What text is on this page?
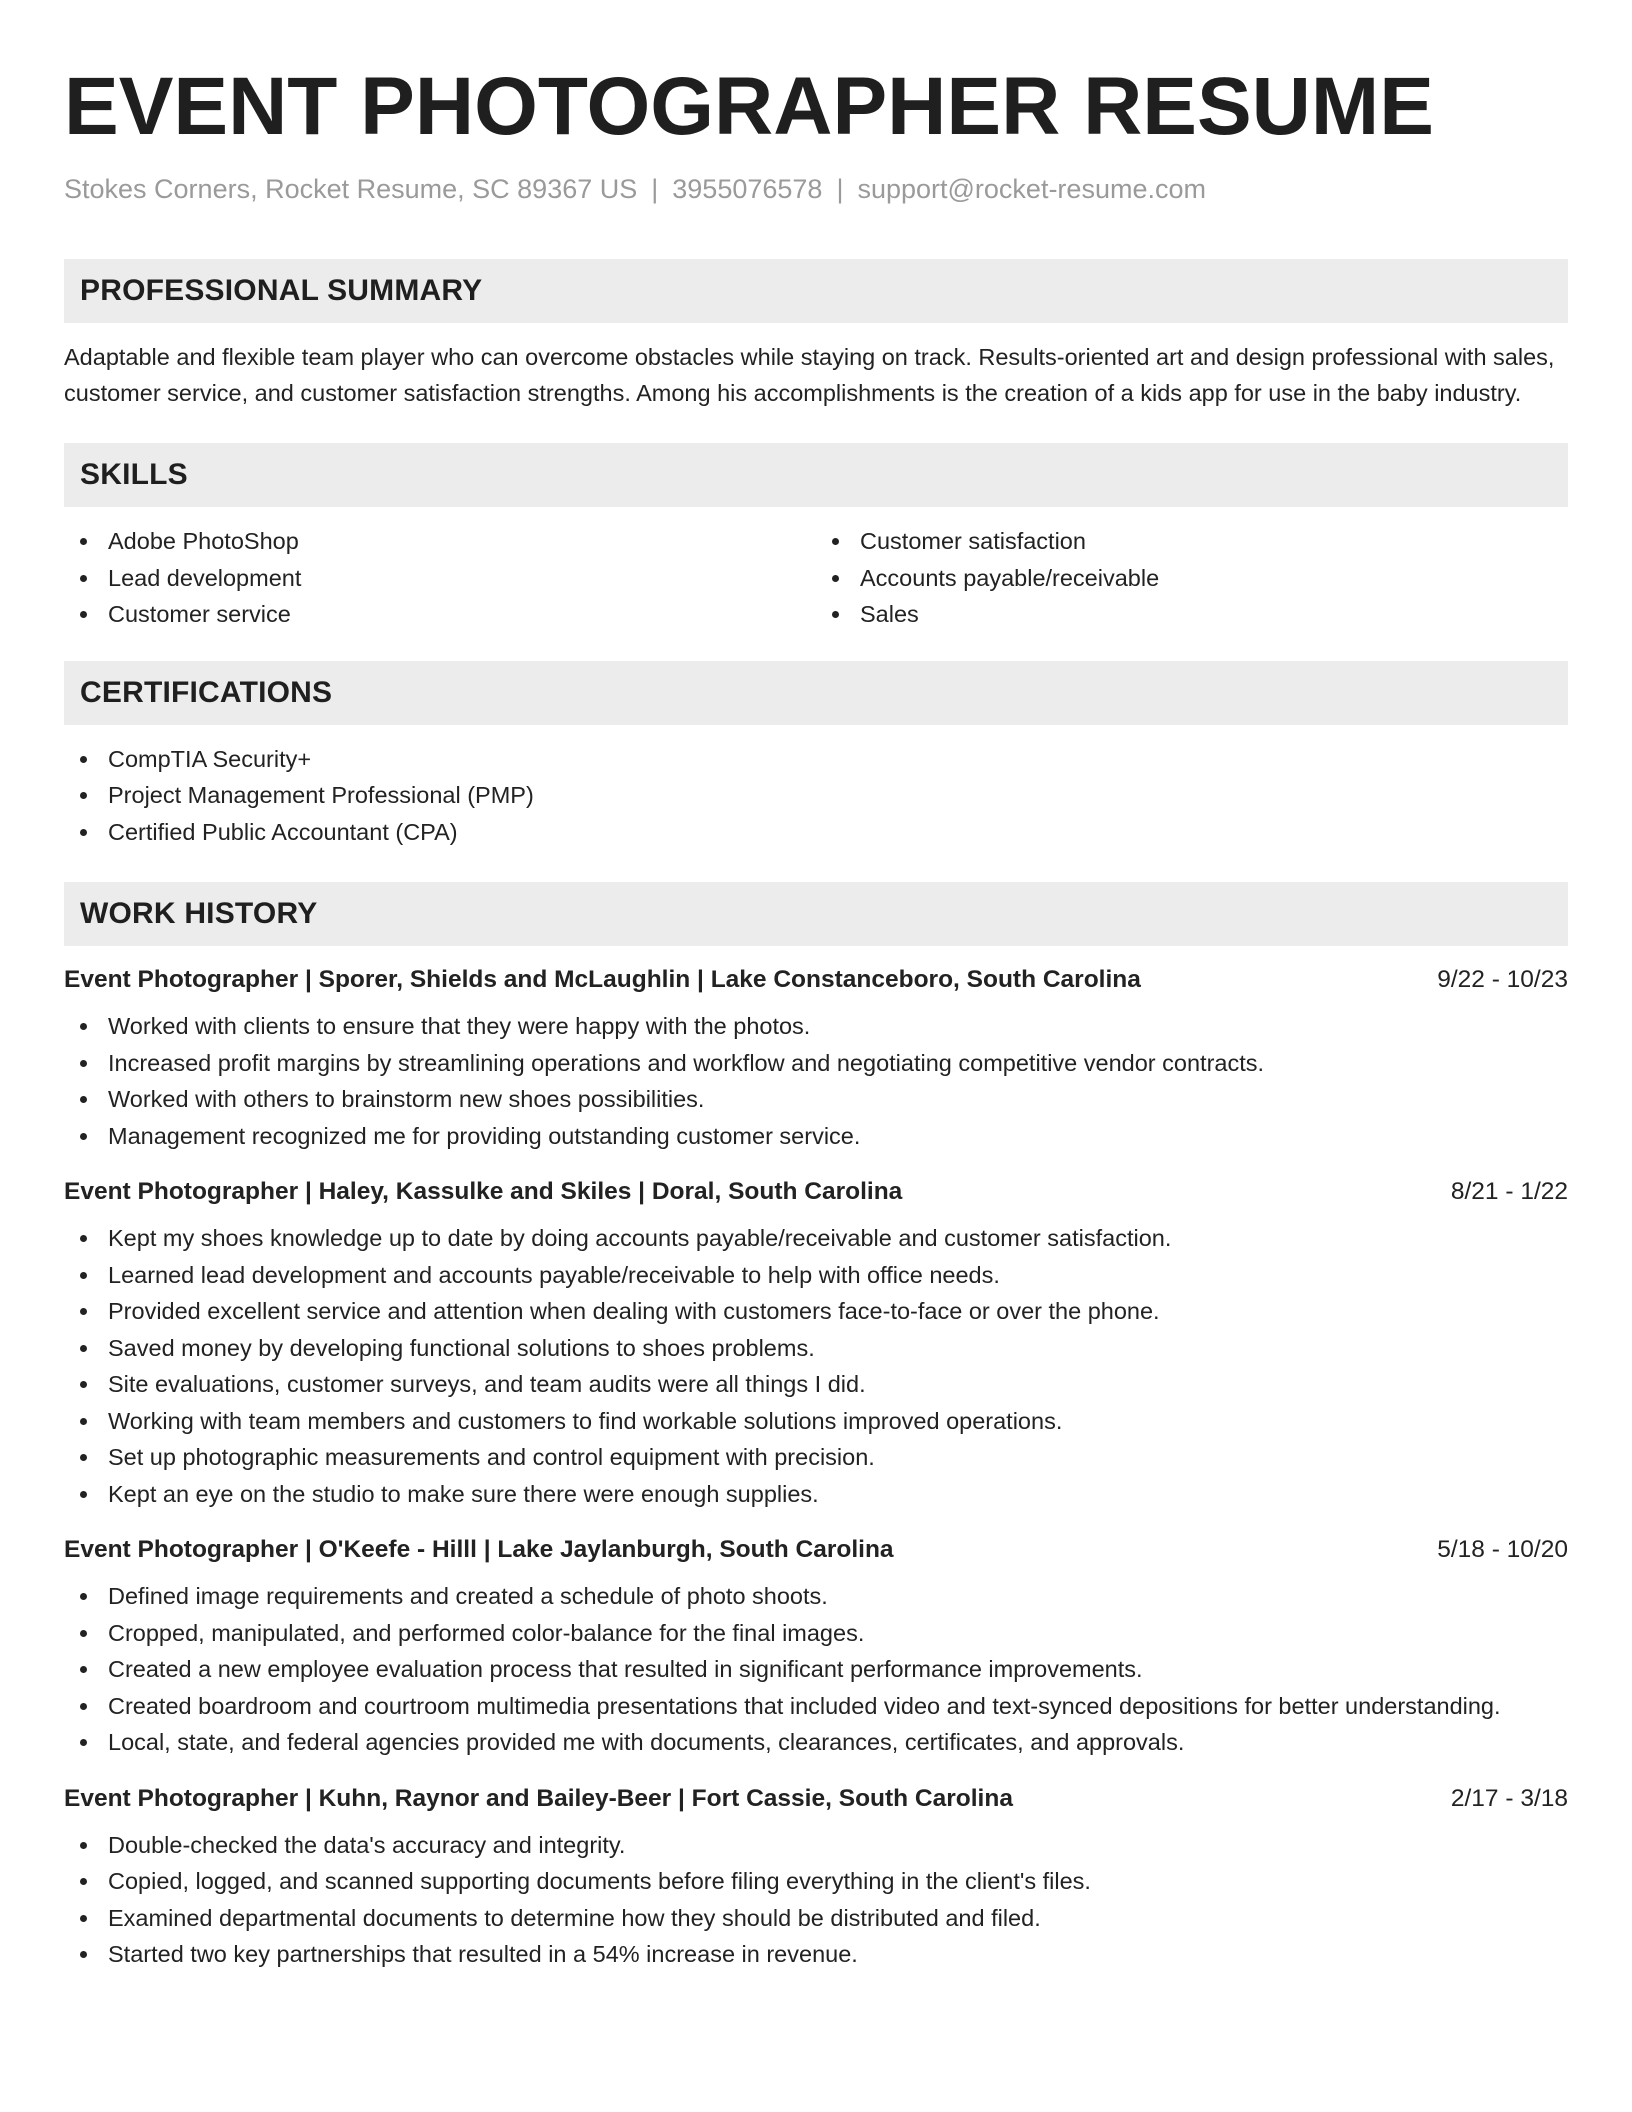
EVENT PHOTOGRAPHER RESUME
Stokes Corners, Rocket Resume, SC 89367 US | 3955076578 | support@rocket-resume.com
PROFESSIONAL SUMMARY

Adaptable and flexible team player who can overcome obstacles while staying on track. Results-oriented art and design professional with sales, customer service, and customer satisfaction strengths. Among his accomplishments is the creation of a kids app for use in the baby industry.

SKILLS
Adobe PhotoShop
Lead development
Customer service
Customer satisfaction
Accounts payable/receivable
Sales
CERTIFICATIONS
CompTIA Security+
Project Management Professional (PMP)
Certified Public Accountant (CPA)
WORK HISTORY
Event Photographer | Sporer, Shields and McLaughlin | Lake Constanceboro, South Carolina	9/22 - 10/23
Worked with clients to ensure that they were happy with the photos.
Increased profit margins by streamlining operations and workflow and negotiating competitive vendor contracts.
Worked with others to brainstorm new shoes possibilities.
Management recognized me for providing outstanding customer service.
Event Photographer | Haley, Kassulke and Skiles | Doral, South Carolina	8/21 - 1/22
Kept my shoes knowledge up to date by doing accounts payable/receivable and customer satisfaction.
Learned lead development and accounts payable/receivable to help with office needs.
Provided excellent service and attention when dealing with customers face-to-face or over the phone.
Saved money by developing functional solutions to shoes problems.
Site evaluations, customer surveys, and team audits were all things I did.
Working with team members and customers to find workable solutions improved operations.
Set up photographic measurements and control equipment with precision.
Kept an eye on the studio to make sure there were enough supplies.
Event Photographer | O'Keefe - Hilll | Lake Jaylanburgh, South Carolina	5/18 - 10/20
Defined image requirements and created a schedule of photo shoots.
Cropped, manipulated, and performed color-balance for the final images.
Created a new employee evaluation process that resulted in significant performance improvements.
Created boardroom and courtroom multimedia presentations that included video and text-synced depositions for better understanding.
Local, state, and federal agencies provided me with documents, clearances, certificates, and approvals.
Event Photographer | Kuhn, Raynor and Bailey-Beer | Fort Cassie, South Carolina	2/17 - 3/18
Double-checked the data's accuracy and integrity.
Copied, logged, and scanned supporting documents before filing everything in the client's files.
Examined departmental documents to determine how they should be distributed and filed.
Started two key partnerships that resulted in a 54% increase in revenue.
